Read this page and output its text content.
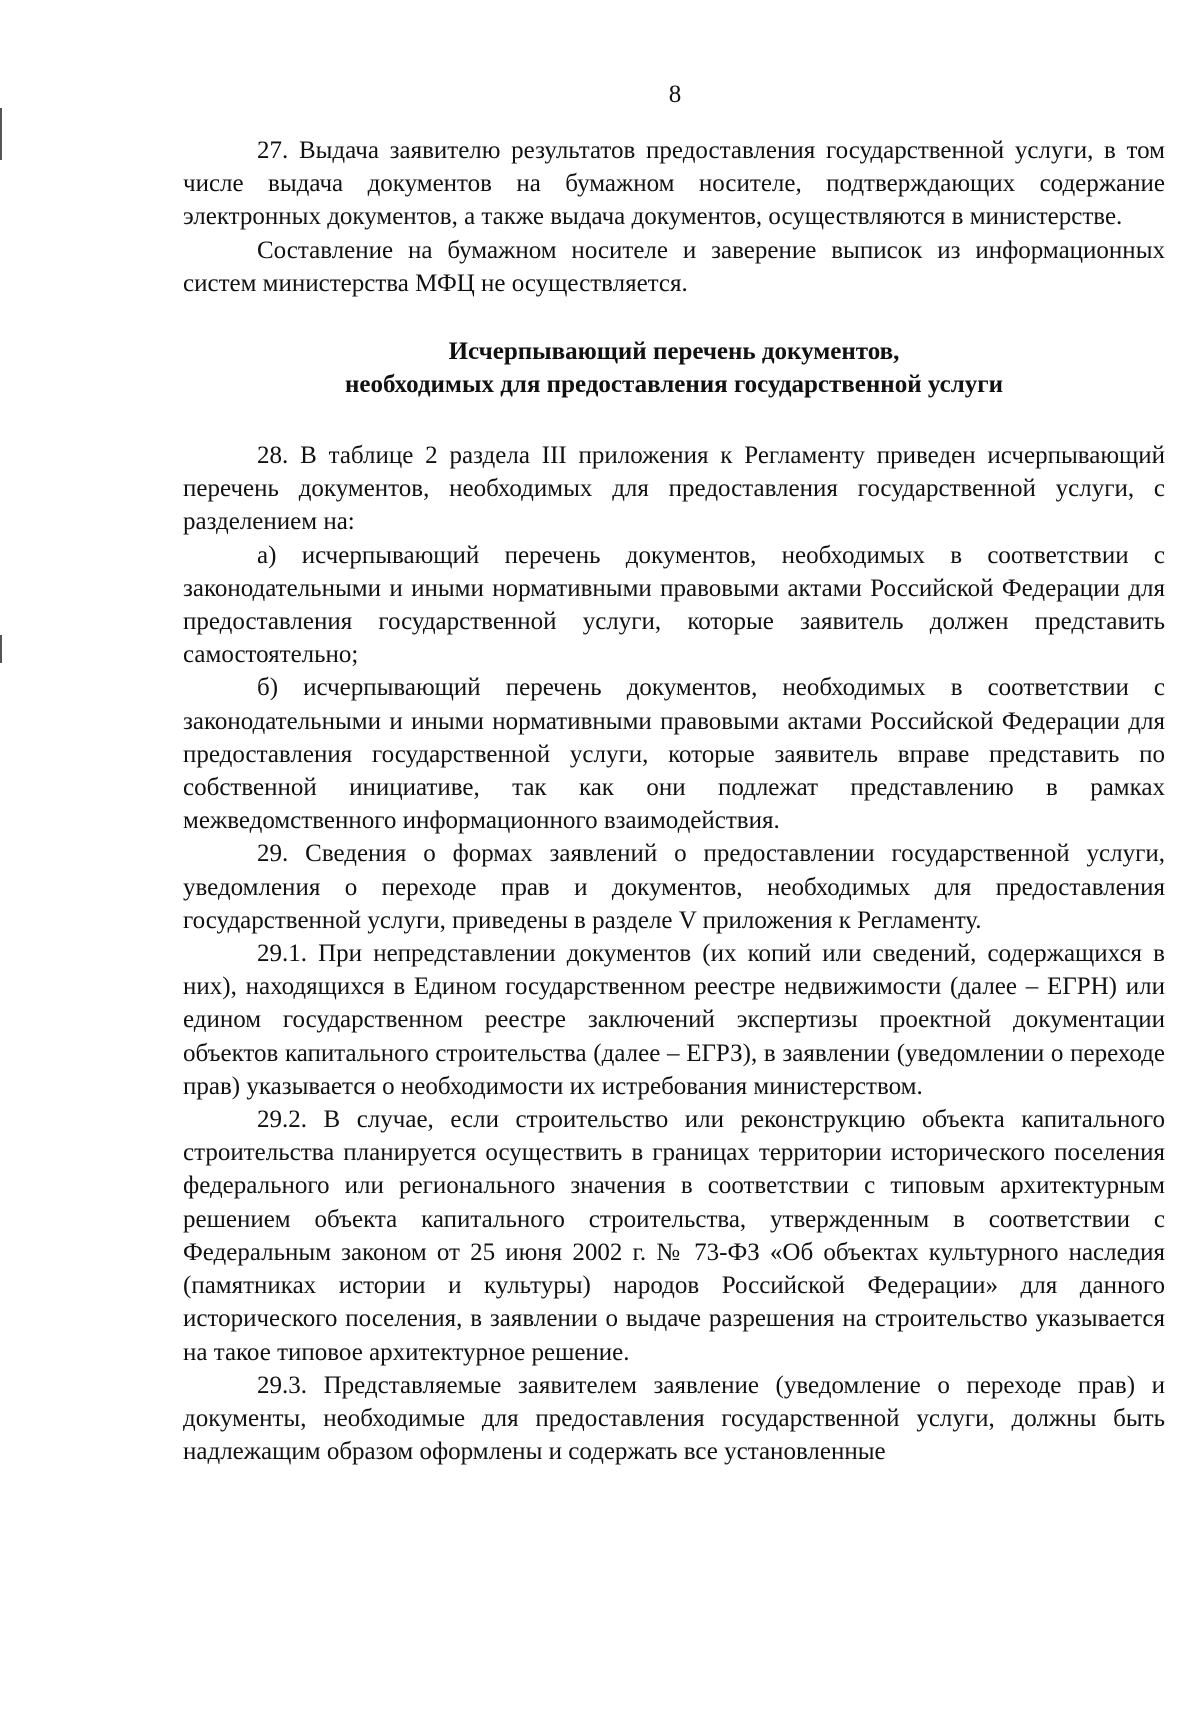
8

27. Выдача заявителю результатов предоставления государственной услуги, в том числе выдача документов на бумажном носителе, подтверждающих содержание электронных документов, а также выдача документов, осуществляются в министерстве.

Составление на бумажном носителе и заверение выписок из информационных систем министерства МФЦ не осуществляется.

Исчерпывающий перечень документов,
необходимых для предоставления государственной услуги

28. В таблице 2 раздела III приложения к Регламенту приведен исчерпывающий перечень документов, необходимых для предоставления государственной услуги, с разделением на:

а) исчерпывающий перечень документов, необходимых в соответствии с законодательными и иными нормативными правовыми актами Российской Федерации для предоставления государственной услуги, которые заявитель должен представить самостоятельно;

б) исчерпывающий перечень документов, необходимых в соответствии с законодательными и иными нормативными правовыми актами Российской Федерации для предоставления государственной услуги, которые заявитель вправе представить по собственной инициативе, так как они подлежат представлению в рамках межведомственного информационного взаимодействия.

29. Сведения о формах заявлений о предоставлении государственной услуги, уведомления о переходе прав и документов, необходимых для предоставления государственной услуги, приведены в разделе V приложения к Регламенту.

29.1. При непредставлении документов (их копий или сведений, содержащихся в них), находящихся в Едином государственном реестре недвижимости (далее – ЕГРН) или едином государственном реестре заключений экспертизы проектной документации объектов капитального строительства (далее – ЕГРЗ), в заявлении (уведомлении о переходе прав) указывается о необходимости их истребования министерством.

29.2. В случае, если строительство или реконструкцию объекта капитального строительства планируется осуществить в границах территории исторического поселения федерального или регионального значения в соответствии с типовым архитектурным решением объекта капитального строительства, утвержденным в соответствии с Федеральным законом от 25 июня 2002 г. № 73-ФЗ «Об объектах культурного наследия (памятниках истории и культуры) народов Российской Федерации» для данного исторического поселения, в заявлении о выдаче разрешения на строительство указывается на такое типовое архитектурное решение.

29.3. Представляемые заявителем заявление (уведомление о переходе прав) и документы, необходимые для предоставления государственной услуги, должны быть надлежащим образом оформлены и содержать все установленные
